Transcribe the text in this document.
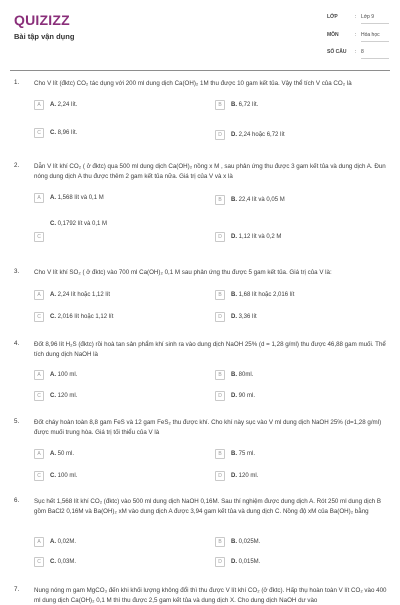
QUIZIZZ
Bài tập vận dụng
LỚP	: Lớp 9
MÔN	: Hóa học
SỐ CÂU : 8
1. Cho V lít (đktc) CO₂ tác dụng với 200 ml dung dịch Ca(OH)₂ 1M thu được 10 gam kết tủa. Vậy thể tích V của CO₂ là
A	A. 2,24 lít.	B	B. 6,72 lít.
C	C. 8,96 lít.	D	D. 2,24 hoặc 6,72 lít
2. Dẫn V lít khí CO₂ ( ở đktc) qua 500 ml dung dịch Ca(OH)₂ nồng x M , sau phản ứng thu được 3 gam kết tủa và dung dịch A. Đun nóng dung dịch A thu được thêm 2 gam kết tủa nữa. Giá trị của V và x là
A	A. 1,568 lít và 0,1 M	B	B. 22,4 lít và 0,05 M
C. 0,1792 lít và 0,1 M
C	D	D. 1,12 lít và 0,2 M
3. Cho V lít khí SO₂ ( ở đktc) vào 700 ml Ca(OH)₂ 0,1 M sau phản ứng thu được 5 gam kết tủa. Giá trị của V là:
A	A. 2,24 lít hoặc 1,12 lít	B	B. 1,68 lít hoặc 2,016 lít
C	C. 2,016 lít hoặc 1,12 lít	D	D. 3,36 lít
4. Đốt 8,96 lít H₂S (đktc) rồi hoà tan sản phẩm khí sinh ra vào dung dịch NaOH 25% (d = 1,28 g/ml) thu được 46,88 gam muối. Thể tích dung dịch NaOH là
A	A. 100 ml.	B	B. 80ml.
C	C. 120 ml.	D	D. 90 ml.
5. Đốt cháy hoàn toàn 8,8 gam FeS và 12 gam FeS₂ thu được khí. Cho khí này sục vào V ml dung dịch NaOH 25% (d=1,28 g/ml) được muối trung hòa. Giá trị tối thiểu của V là
A	A. 50 ml.	B	B. 75 ml.
C	C. 100 ml.	D	D. 120 ml.
6. Sục hết 1,568 lít khí CO₂ (đktc) vào 500 ml dung dịch NaOH 0,16M. Sau thí nghiệm được dung dịch A. Rót 250 ml dung dịch B gồm BaCl2 0,16M và Ba(OH)₂ xM vào dung dịch A được 3,94 gam kết tủa và dung dịch C. Nồng độ xM của Ba(OH)₂ bằng
A	A. 0,02M.	B	B. 0,025M.
C	C. 0,03M.	D	D. 0,015M.
7. Nung nóng m gam MgCO₃ đến khi khối lượng không đổi thì thu được V lít khí CO₂ (ở đktc). Hấp thụ hoàn toàn V lít CO₂ vào 400 ml dung dịch Ca(OH)₂ 0,1 M thì thu được 2,5 gam kết tủa và dung dịch X. Cho dung dịch NaOH dư vào
